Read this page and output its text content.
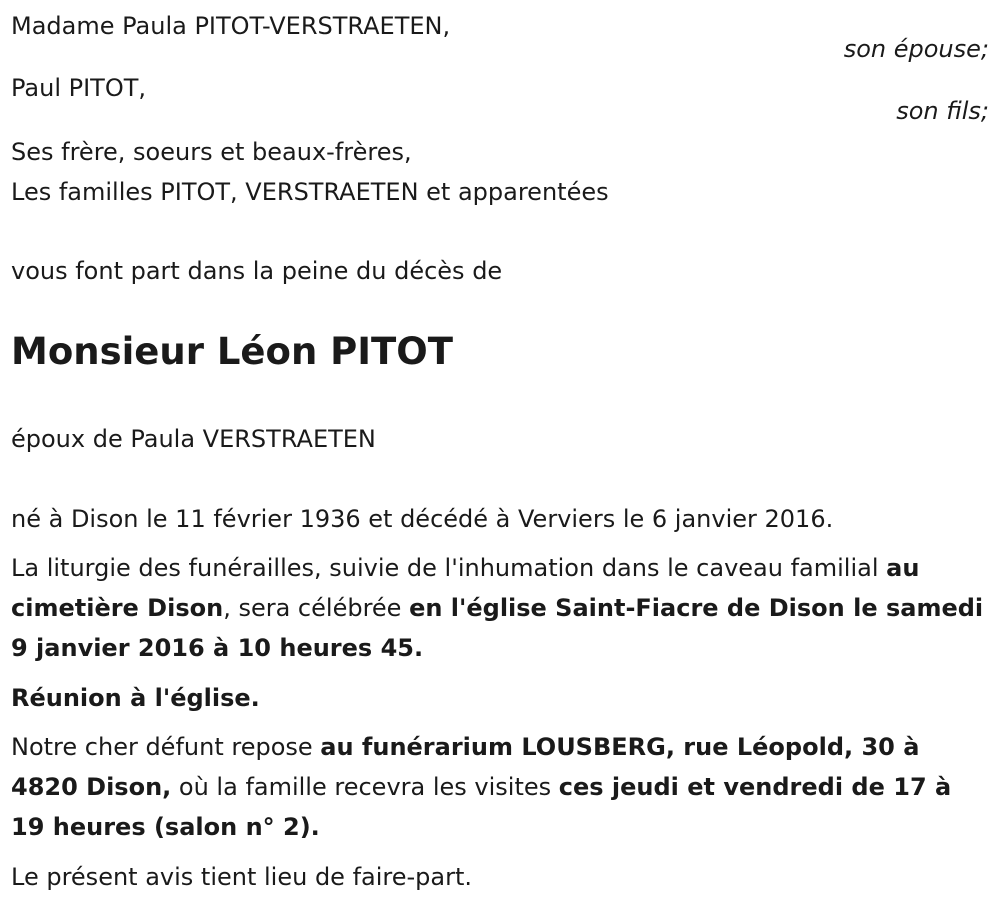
Madame Paula PITOT-VERSTRAETEN,
son épouse;
Paul PITOT,
son fils;
Ses frère, soeurs et beaux-frères,
Les familles PITOT, VERSTRAETEN et apparentées
vous font part dans la peine du décès de
Monsieur Léon PITOT
époux de Paula VERSTRAETEN
né à Dison le 11 février 1936 et décédé à Verviers le 6 janvier 2016.
La liturgie des funérailles, suivie de l'inhumation dans le caveau familial au cimetière Dison, sera célébrée en l'église Saint-Fiacre de Dison le samedi 9 janvier 2016 à 10 heures 45.
Réunion à l'église.
Notre cher défunt repose au funérarium LOUSBERG, rue Léopold, 30 à 4820 Dison, où la famille recevra les visites ces jeudi et vendredi de 17 à 19 heures (salon n° 2).
Le présent avis tient lieu de faire-part.
